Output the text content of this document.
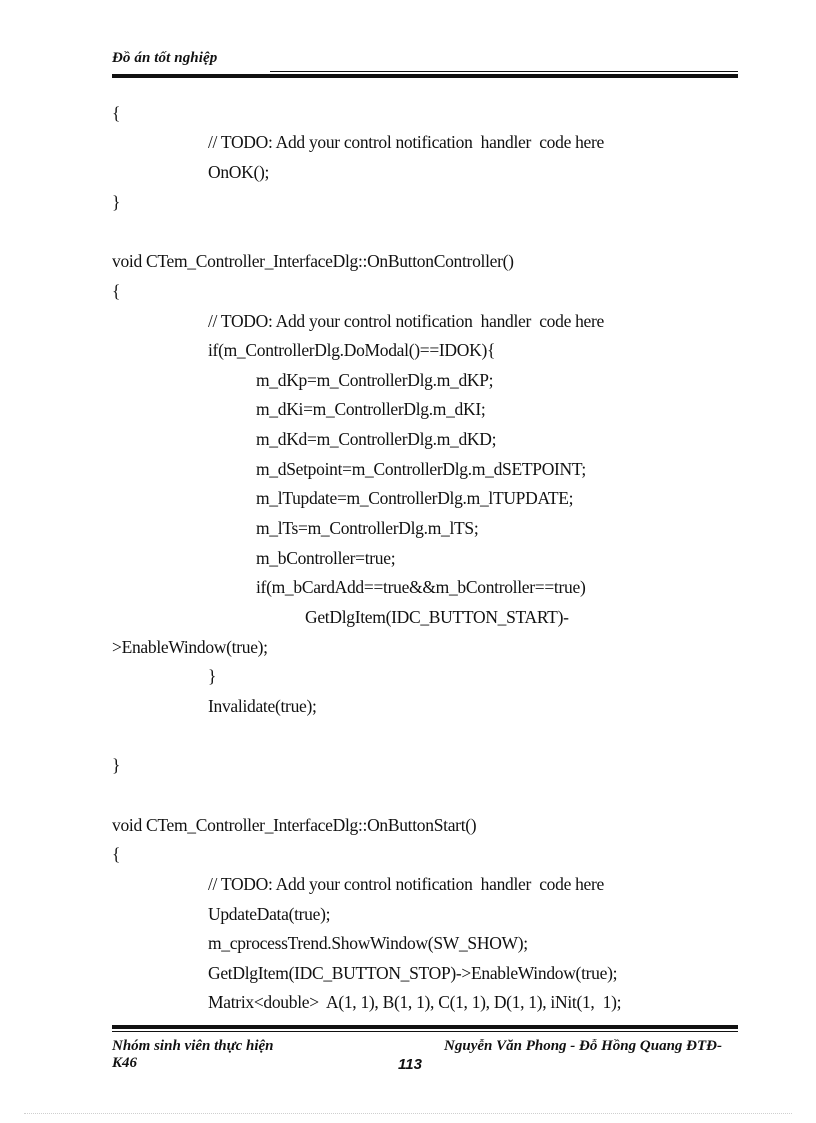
Đồ án tốt nghiệp
{
// TODO: Add your control notification  handler  code here
OnOK();
}
void CTem_Controller_InterfaceDlg::OnButtonController()
{
// TODO: Add your control notification  handler  code here
if(m_ControllerDlg.DoModal()==IDOK){
m_dKp=m_ControllerDlg.m_dKP;
m_dKi=m_ControllerDlg.m_dKI;
m_dKd=m_ControllerDlg.m_dKD;
m_dSetpoint=m_ControllerDlg.m_dSETPOINT;
m_lTupdate=m_ControllerDlg.m_lTUPDATE;
m_lTs=m_ControllerDlg.m_lTS;
m_bController=true;
if(m_bCardAdd==true&&m_bController==true)
GetDlgItem(IDC_BUTTON_START)-
>EnableWindow(true);
}
Invalidate(true);
}
void CTem_Controller_InterfaceDlg::OnButtonStart()
{
// TODO: Add your control notification  handler  code here
UpdateData(true);
m_cprocessTrend.ShowWindow(SW_SHOW);
GetDlgItem(IDC_BUTTON_STOP)->EnableWindow(true);
Matrix<double>  A(1, 1), B(1, 1), C(1, 1), D(1, 1), iNit(1,  1);
Nhóm sinh viên thực hiện	Nguyễn Văn Phong - Đỗ Hồng Quang ĐTĐ-
K46	113
